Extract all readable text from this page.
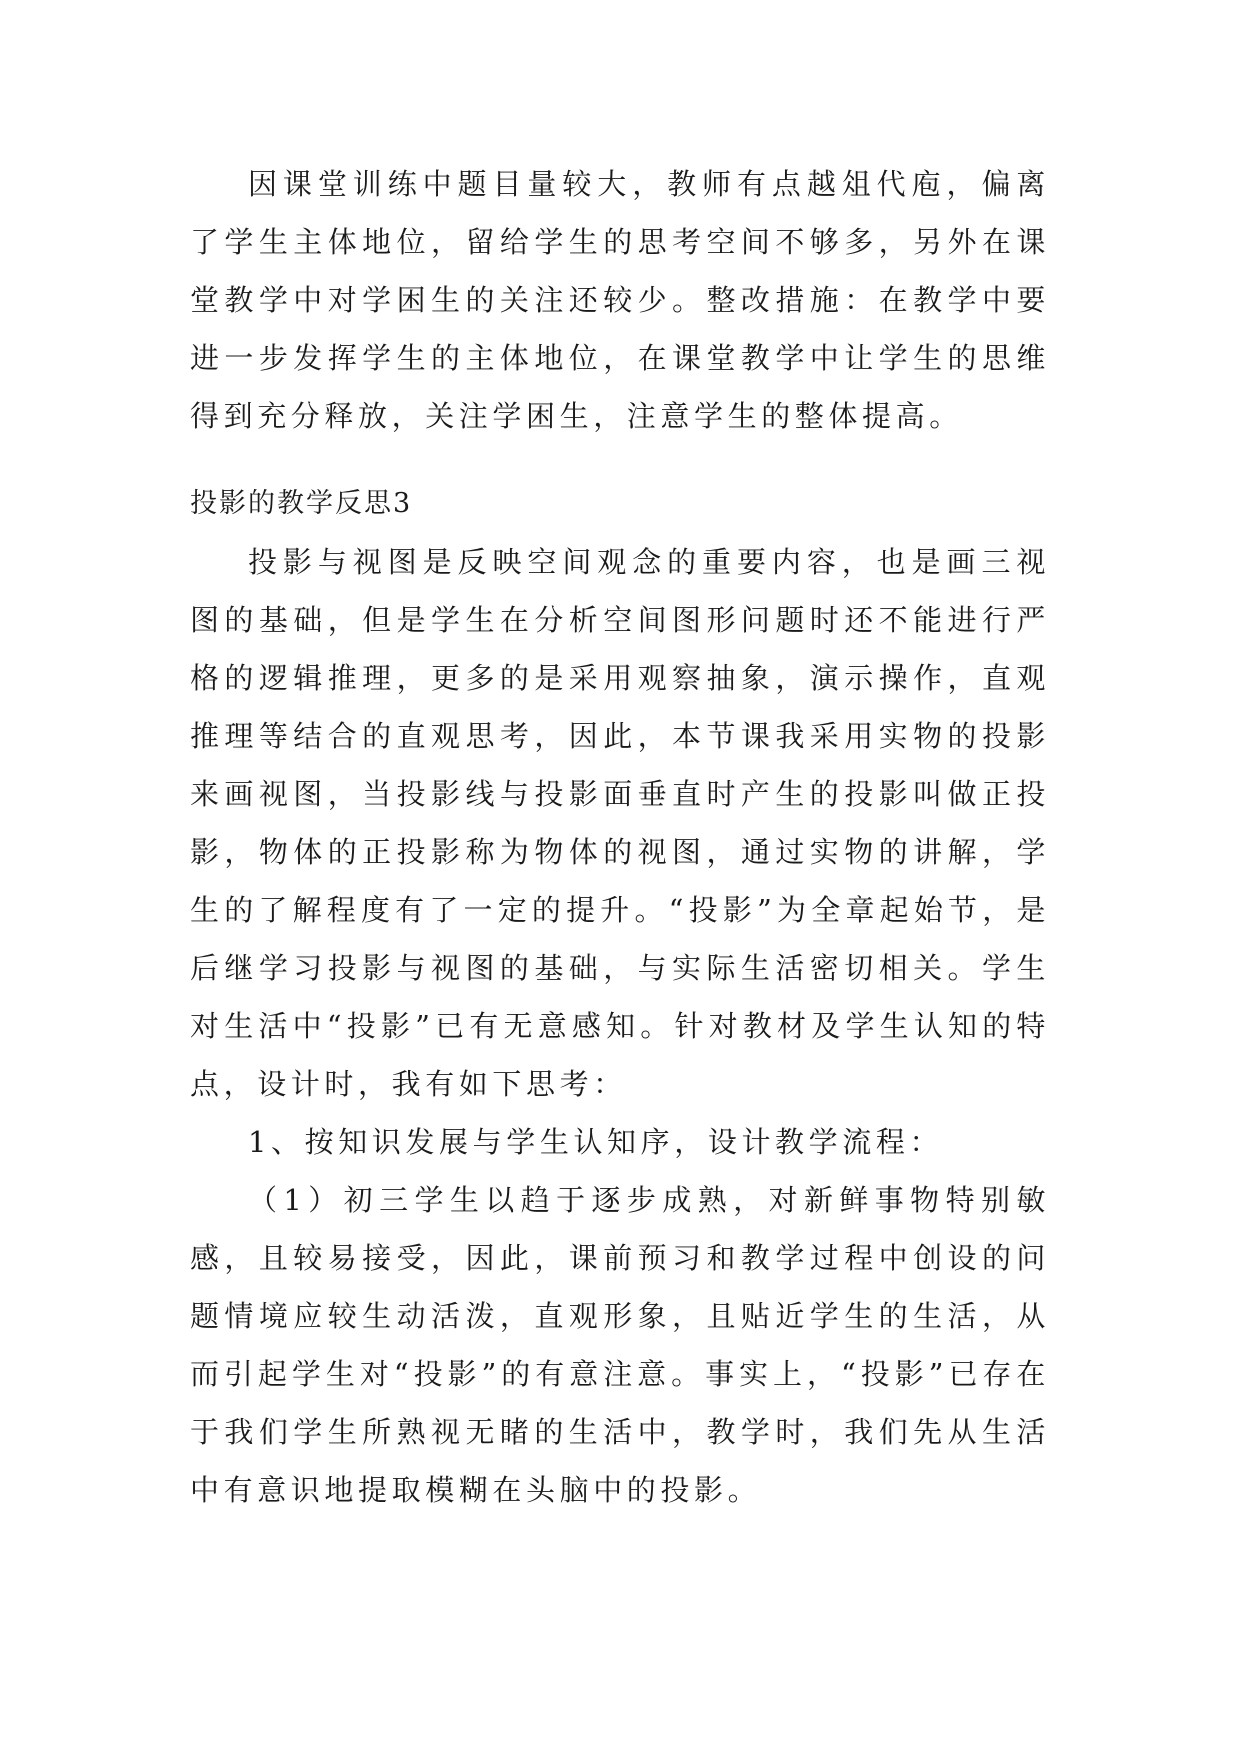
因课堂训练中题目量较大，教师有点越俎代庖，偏离了学生主体地位，留给学生的思考空间不够多，另外在课堂教学中对学困生的关注还较少。整改措施：在教学中要进一步发挥学生的主体地位，在课堂教学中让学生的思维得到充分释放，关注学困生，注意学生的整体提高。

投影的教学反思3

投影与视图是反映空间观念的重要内容，也是画三视图的基础，但是学生在分析空间图形问题时还不能进行严格的逻辑推理，更多的是采用观察抽象，演示操作，直观推理等结合的直观思考，因此，本节课我采用实物的投影来画视图，当投影线与投影面垂直时产生的投影叫做正投影，物体的正投影称为物体的视图，通过实物的讲解，学生的了解程度有了一定的提升。“投影”为全章起始节，是后继学习投影与视图的基础，与实际生活密切相关。学生对生活中“投影”已有无意感知。针对教材及学生认知的特点，设计时，我有如下思考：

1、按知识发展与学生认知序，设计教学流程：

（1）初三学生以趋于逐步成熟，对新鲜事物特别敏感，且较易接受，因此，课前预习和教学过程中创设的问题情境应较生动活泼，直观形象，且贴近学生的生活，从而引起学生对“投影”的有意注意。事实上，“投影”已存在于我们学生所熟视无睹的生活中，教学时，我们先从生活中有意识地提取模糊在头脑中的投影。
